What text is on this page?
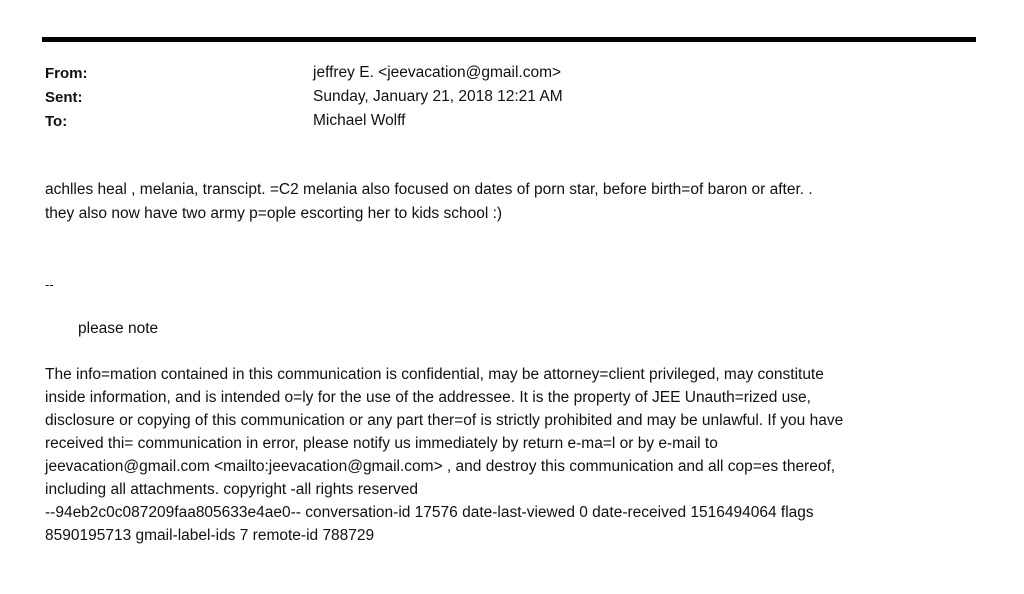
From:	jeffrey E. <jeevacation@gmail.com>
Sent:	Sunday, January 21, 2018 12:21 AM
To:	Michael Wolff
achlles heal , melania, transcipt. =C2 melania also focused on dates of porn star, before birth=of baron or after. .
they also now have two army p=ople escorting her to kids school :)
--
please note
The info=mation contained in this communication is confidential, may be attorney=client privileged, may constitute
inside information, and is intended o=ly for the use of the addressee. It is the property of JEE Unauth=rized use,
disclosure or copying of this communication or any part ther=of is strictly prohibited and may be unlawful. If you have
received thi= communication in error, please notify us immediately by return e-ma=l or by e-mail to
jeevacation@gmail.com <mailto:jeevacation@gmail.com> , and destroy this communication and all cop=es thereof,
including all attachments. copyright -all rights reserved
--94eb2c0c087209faa805633e4ae0-- conversation-id 17576 date-last-viewed 0 date-received 1516494064 flags
8590195713 gmail-label-ids 7 remote-id 788729
